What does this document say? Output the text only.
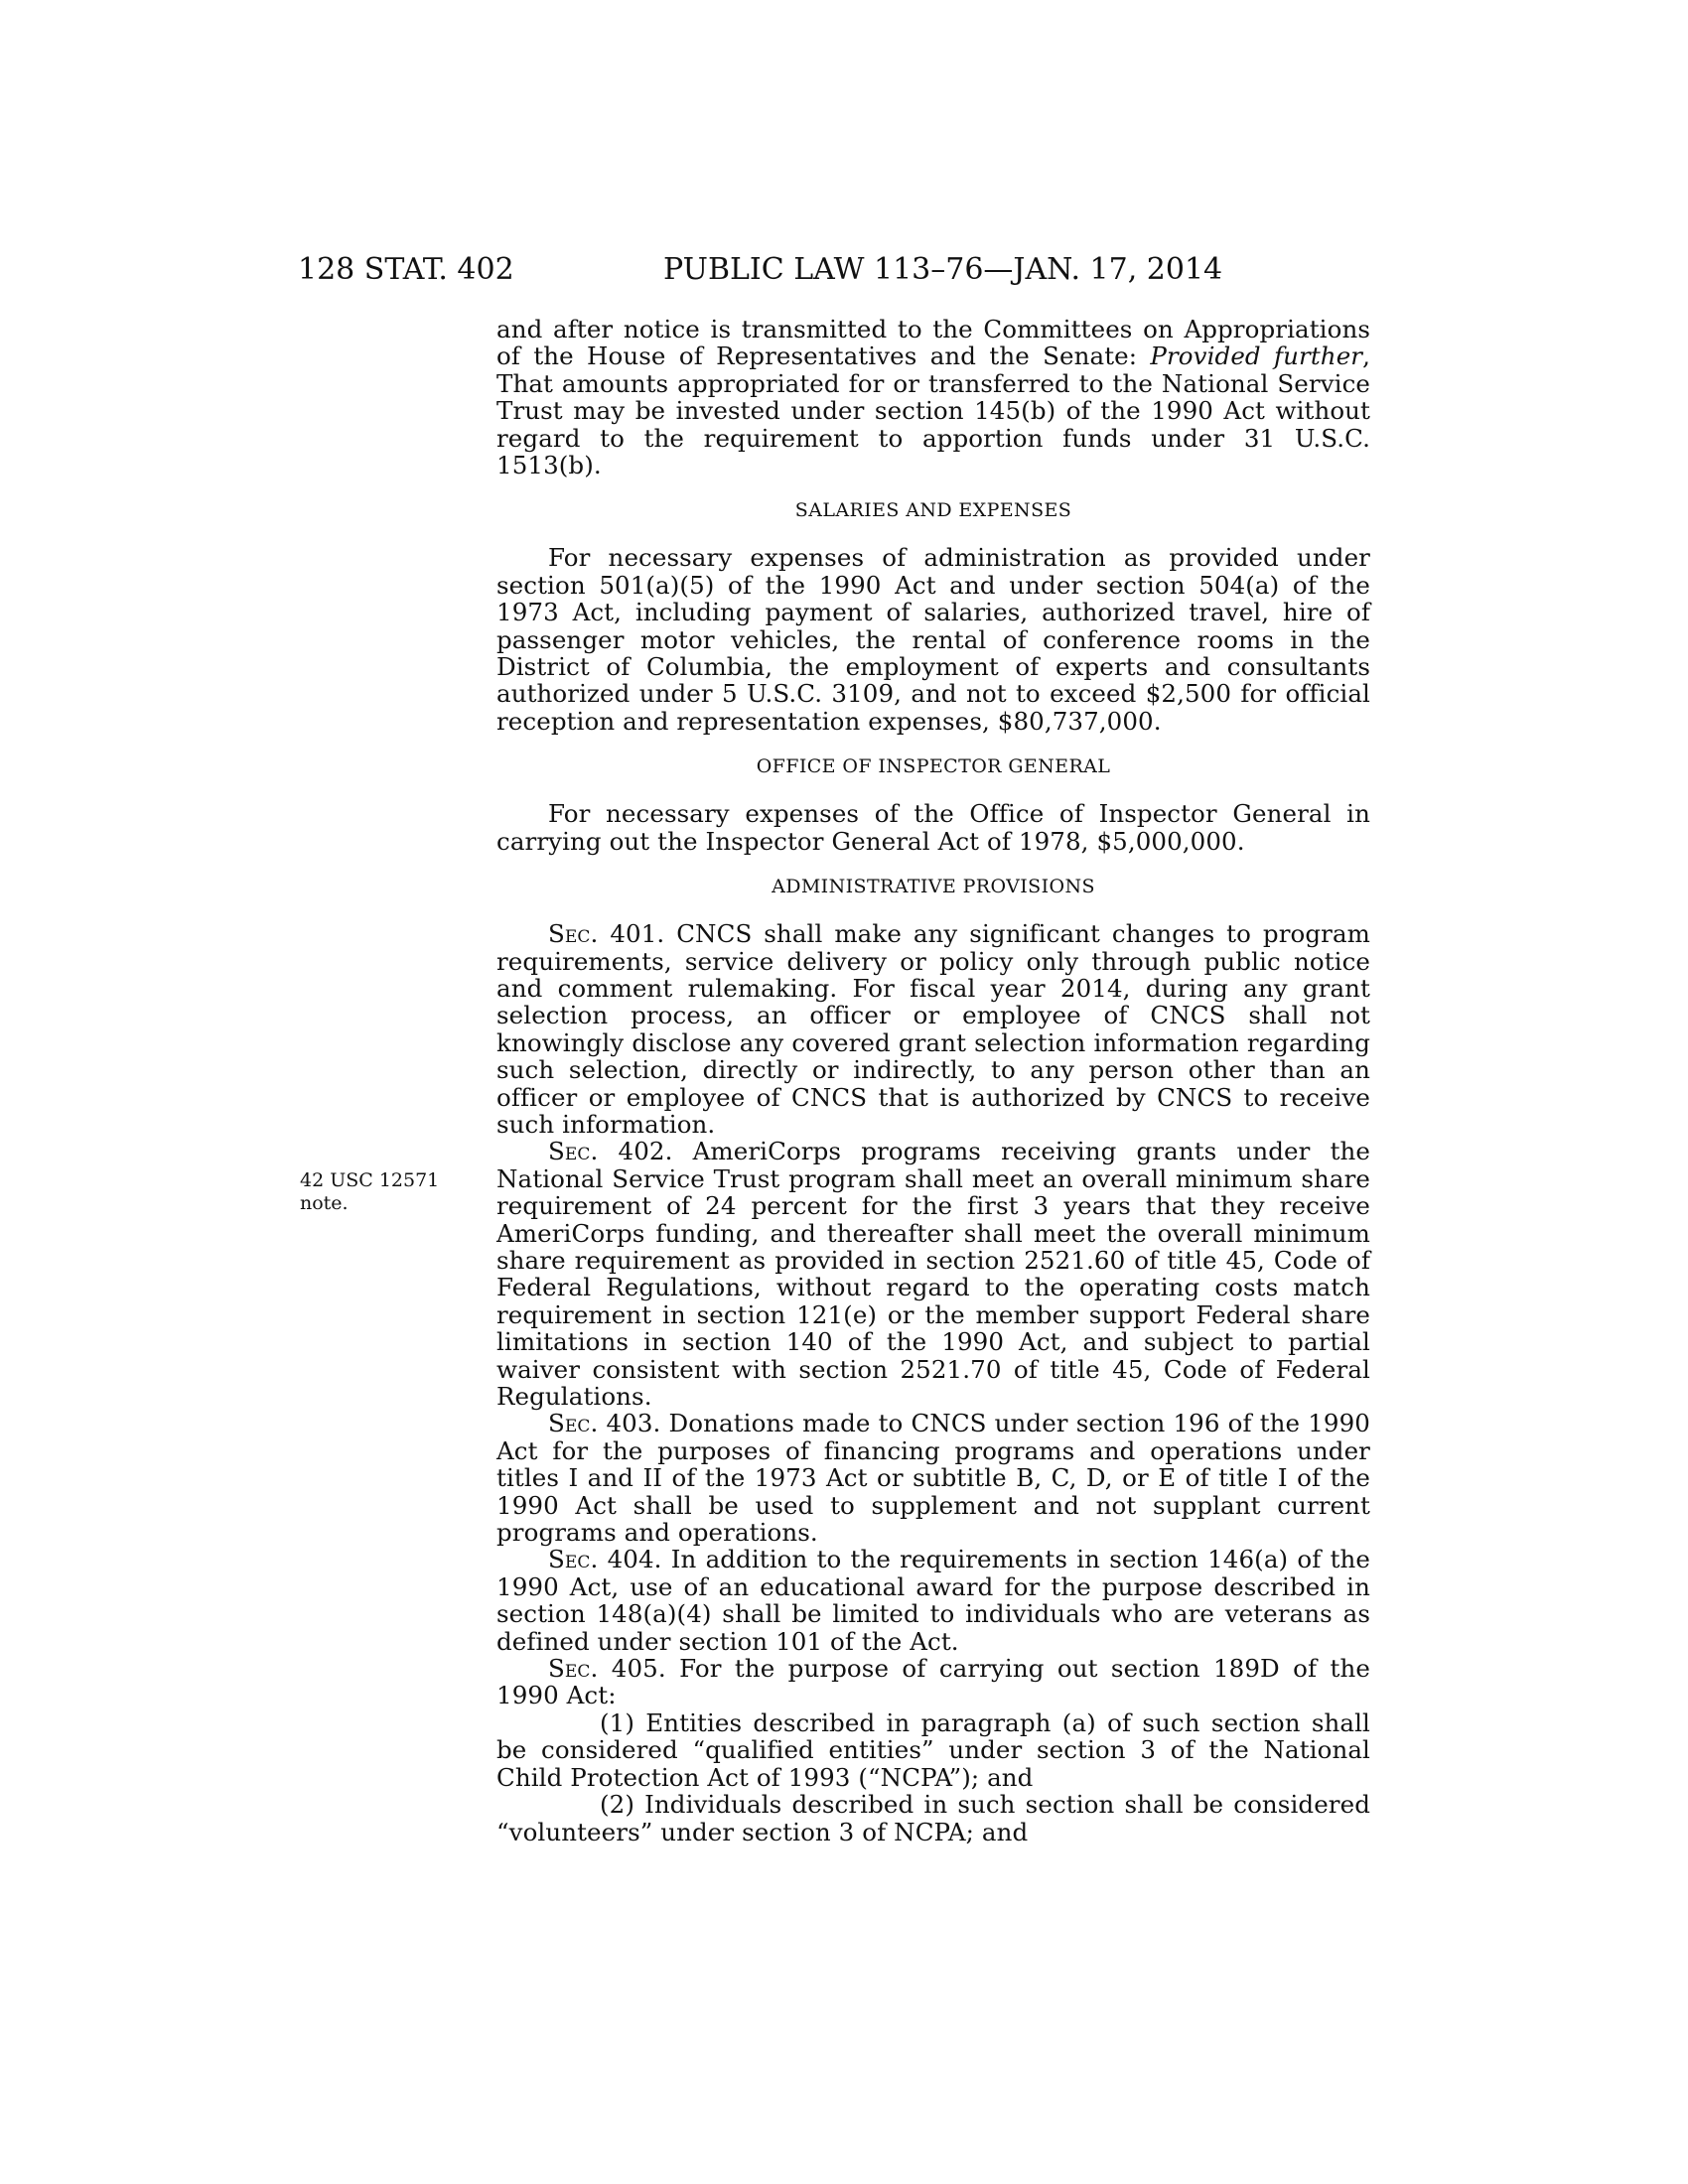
128 STAT. 402	PUBLIC LAW 113–76—JAN. 17, 2014
42 USC 12571
note.

and after notice is transmitted to the Committees on Appropriations of the House of Representatives and the Senate: Provided further, That amounts appropriated for or transferred to the National Service Trust may be invested under section 145(b) of the 1990 Act without regard to the requirement to apportion funds under 31 U.S.C. 1513(b).

SALARIES AND EXPENSES

For necessary expenses of administration as provided under section 501(a)(5) of the 1990 Act and under section 504(a) of the 1973 Act, including payment of salaries, authorized travel, hire of passenger motor vehicles, the rental of conference rooms in the District of Columbia, the employment of experts and consultants authorized under 5 U.S.C. 3109, and not to exceed $2,500 for official reception and representation expenses, $80,737,000.

OFFICE OF INSPECTOR GENERAL

For necessary expenses of the Office of Inspector General in carrying out the Inspector General Act of 1978, $5,000,000.

ADMINISTRATIVE PROVISIONS

Sec. 401. CNCS shall make any significant changes to program requirements, service delivery or policy only through public notice and comment rulemaking. For fiscal year 2014, during any grant selection process, an officer or employee of CNCS shall not knowingly disclose any covered grant selection information regarding such selection, directly or indirectly, to any person other than an officer or employee of CNCS that is authorized by CNCS to receive such information.

Sec. 402. AmeriCorps programs receiving grants under the National Service Trust program shall meet an overall minimum share requirement of 24 percent for the first 3 years that they receive AmeriCorps funding, and thereafter shall meet the overall minimum share requirement as provided in section 2521.60 of title 45, Code of Federal Regulations, without regard to the operating costs match requirement in section 121(e) or the member support Federal share limitations in section 140 of the 1990 Act, and subject to partial waiver consistent with section 2521.70 of title 45, Code of Federal Regulations.

Sec. 403. Donations made to CNCS under section 196 of the 1990 Act for the purposes of financing programs and operations under titles I and II of the 1973 Act or subtitle B, C, D, or E of title I of the 1990 Act shall be used to supplement and not supplant current programs and operations.

Sec. 404. In addition to the requirements in section 146(a) of the 1990 Act, use of an educational award for the purpose described in section 148(a)(4) shall be limited to individuals who are veterans as defined under section 101 of the Act.

Sec. 405. For the purpose of carrying out section 189D of the 1990 Act:

(1) Entities described in paragraph (a) of such section shall be considered “qualified entities” under section 3 of the National Child Protection Act of 1993 (“NCPA”); and

(2) Individuals described in such section shall be considered “volunteers” under section 3 of NCPA; and
